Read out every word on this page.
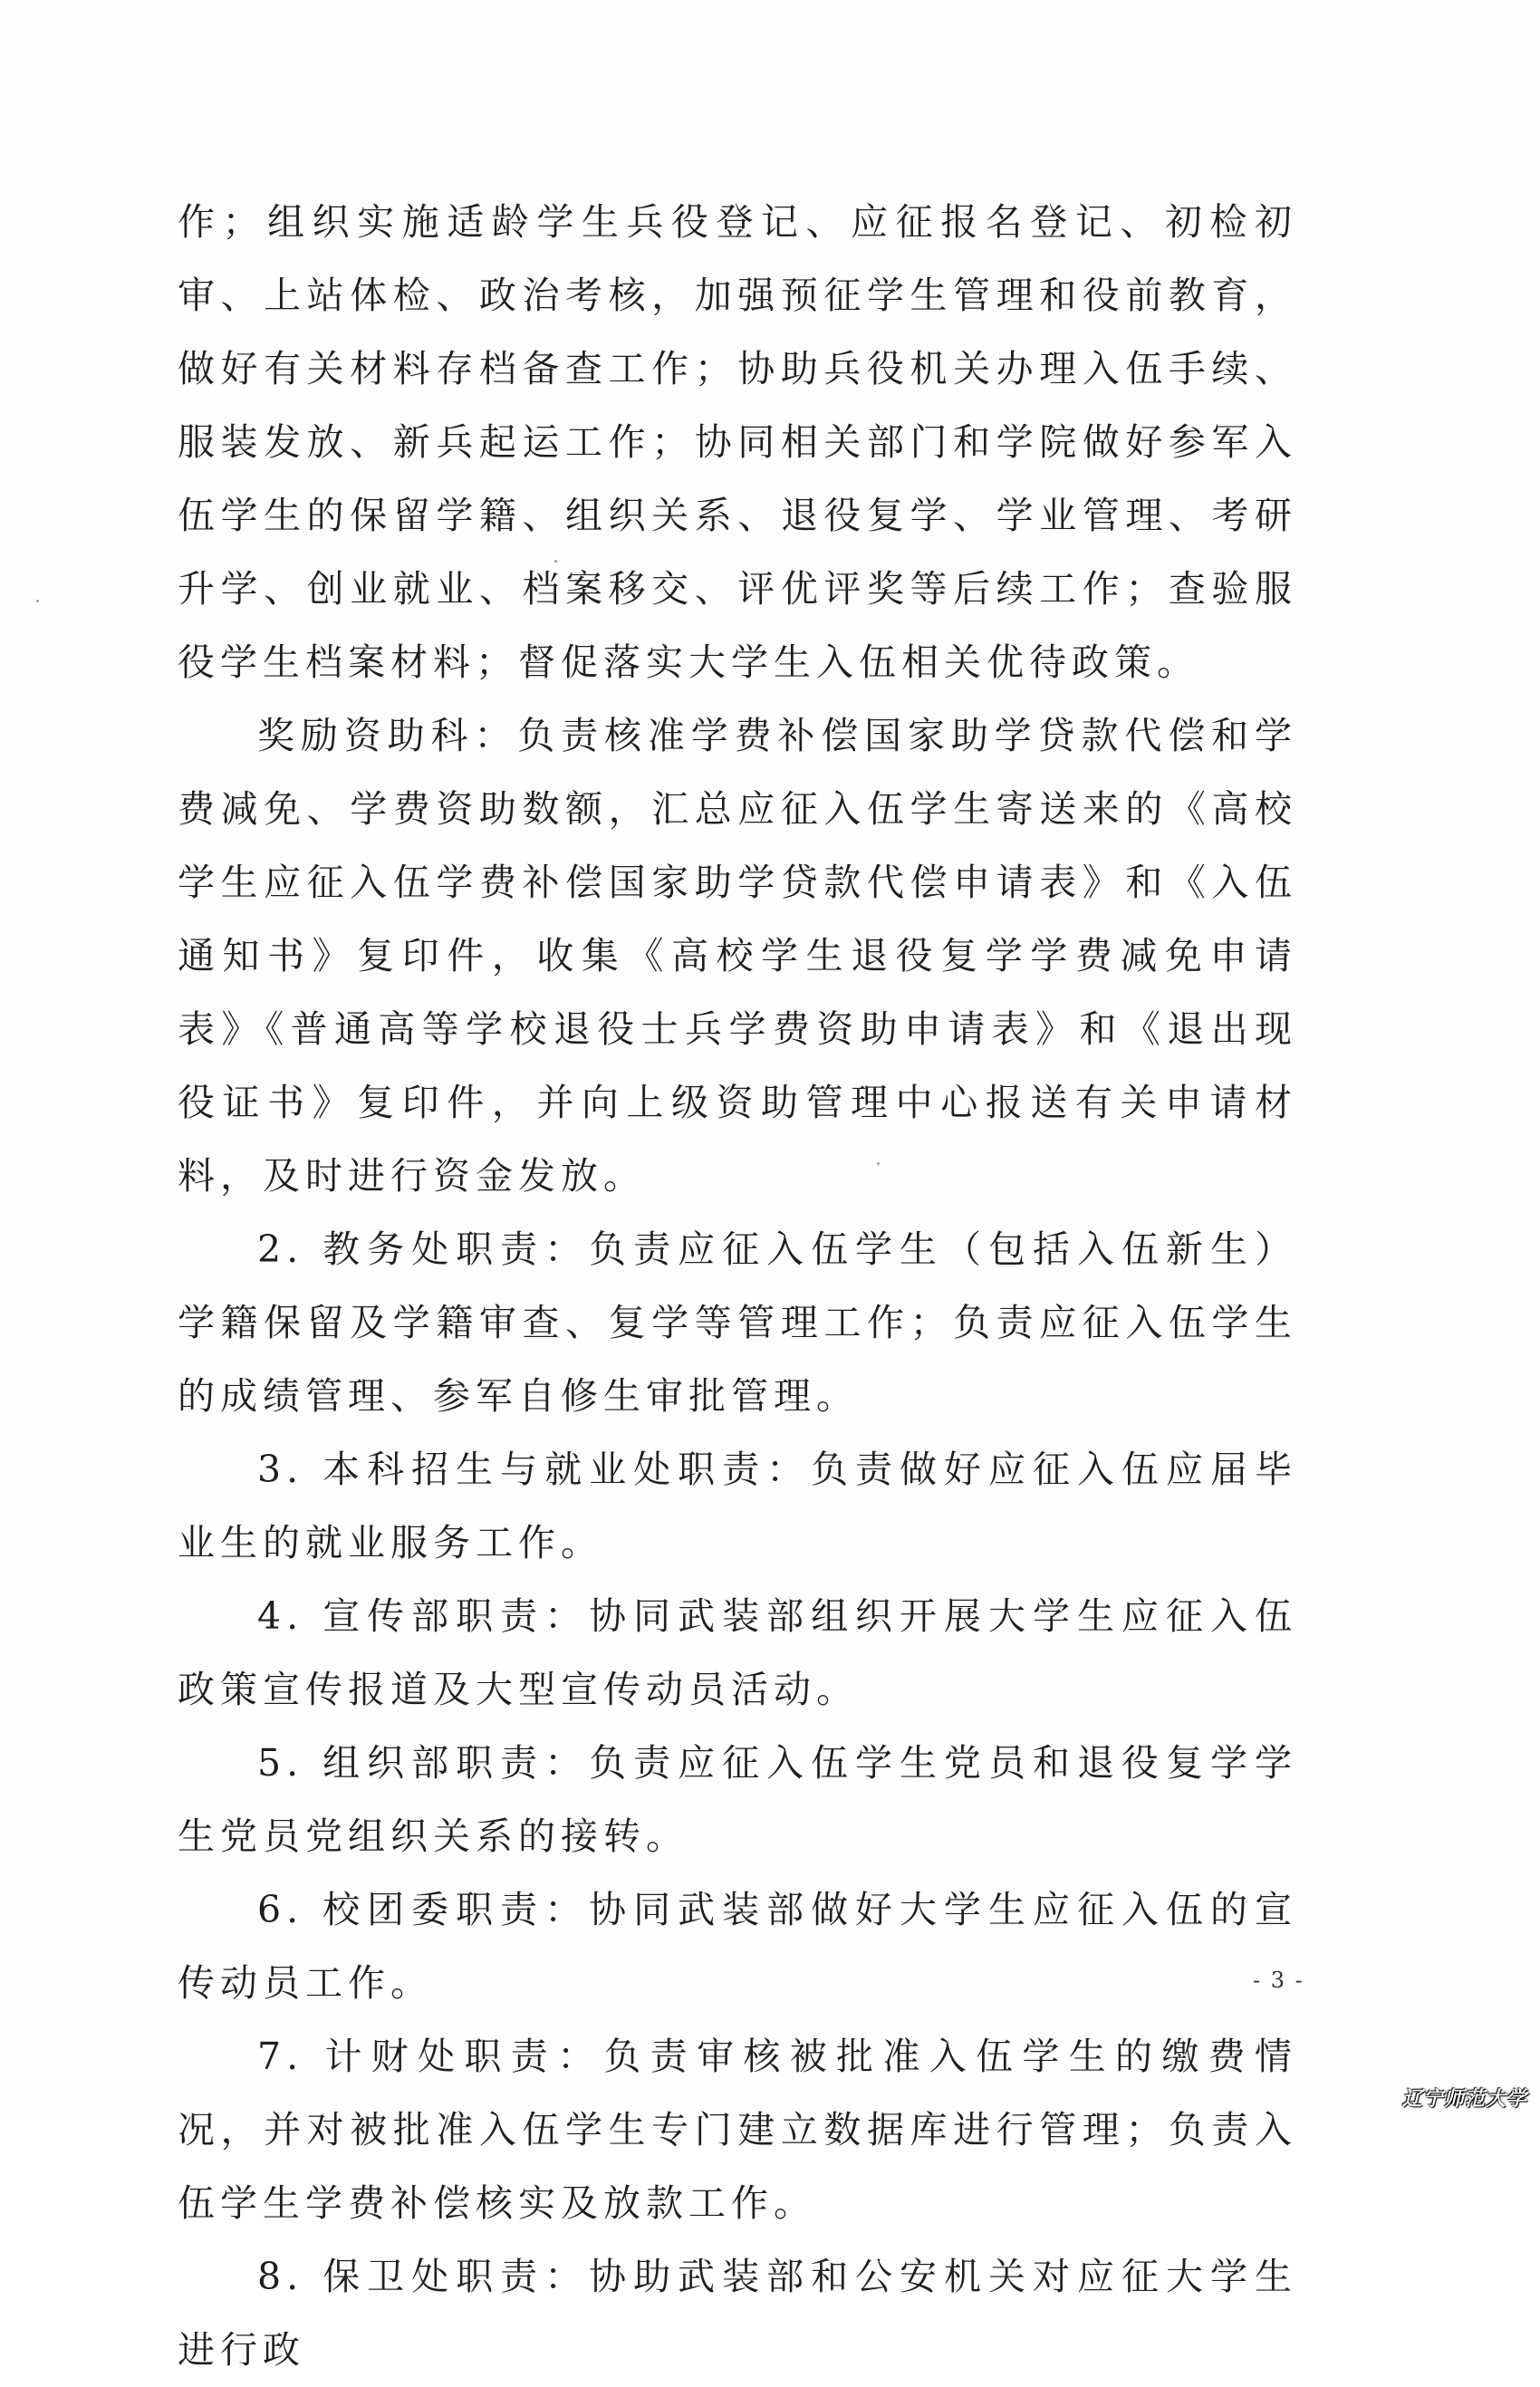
作；组织实施适龄学生兵役登记、应征报名登记、初检初审、上站体检、政治考核，加强预征学生管理和役前教育，做好有关材料存档备查工作；协助兵役机关办理入伍手续、服装发放、新兵起运工作；协同相关部门和学院做好参军入伍学生的保留学籍、组织关系、退役复学、学业管理、考研升学、创业就业、档案移交、评优评奖等后续工作；查验服役学生档案材料；督促落实大学生入伍相关优待政策。

奖励资助科：负责核准学费补偿国家助学贷款代偿和学费减免、学费资助数额，汇总应征入伍学生寄送来的《高校学生应征入伍学费补偿国家助学贷款代偿申请表》和《入伍通知书》复印件，收集《高校学生退役复学学费减免申请表》《普通高等学校退役士兵学费资助申请表》和《退出现役证书》复印件，并向上级资助管理中心报送有关申请材料，及时进行资金发放。

2. 教务处职责：负责应征入伍学生（包括入伍新生）学籍保留及学籍审查、复学等管理工作；负责应征入伍学生的成绩管理、参军自修生审批管理。

3. 本科招生与就业处职责：负责做好应征入伍应届毕业生的就业服务工作。

4. 宣传部职责：协同武装部组织开展大学生应征入伍政策宣传报道及大型宣传动员活动。

5. 组织部职责：负责应征入伍学生党员和退役复学学生党员党组织关系的接转。

6. 校团委职责：协同武装部做好大学生应征入伍的宣传动员工作。

7. 计财处职责：负责审核被批准入伍学生的缴费情况，并对被批准入伍学生专门建立数据库进行管理；负责入伍学生学费补偿核实及放款工作。

8. 保卫处职责：协助武装部和公安机关对应征大学生进行政

- 3 -
辽宁师范大学
